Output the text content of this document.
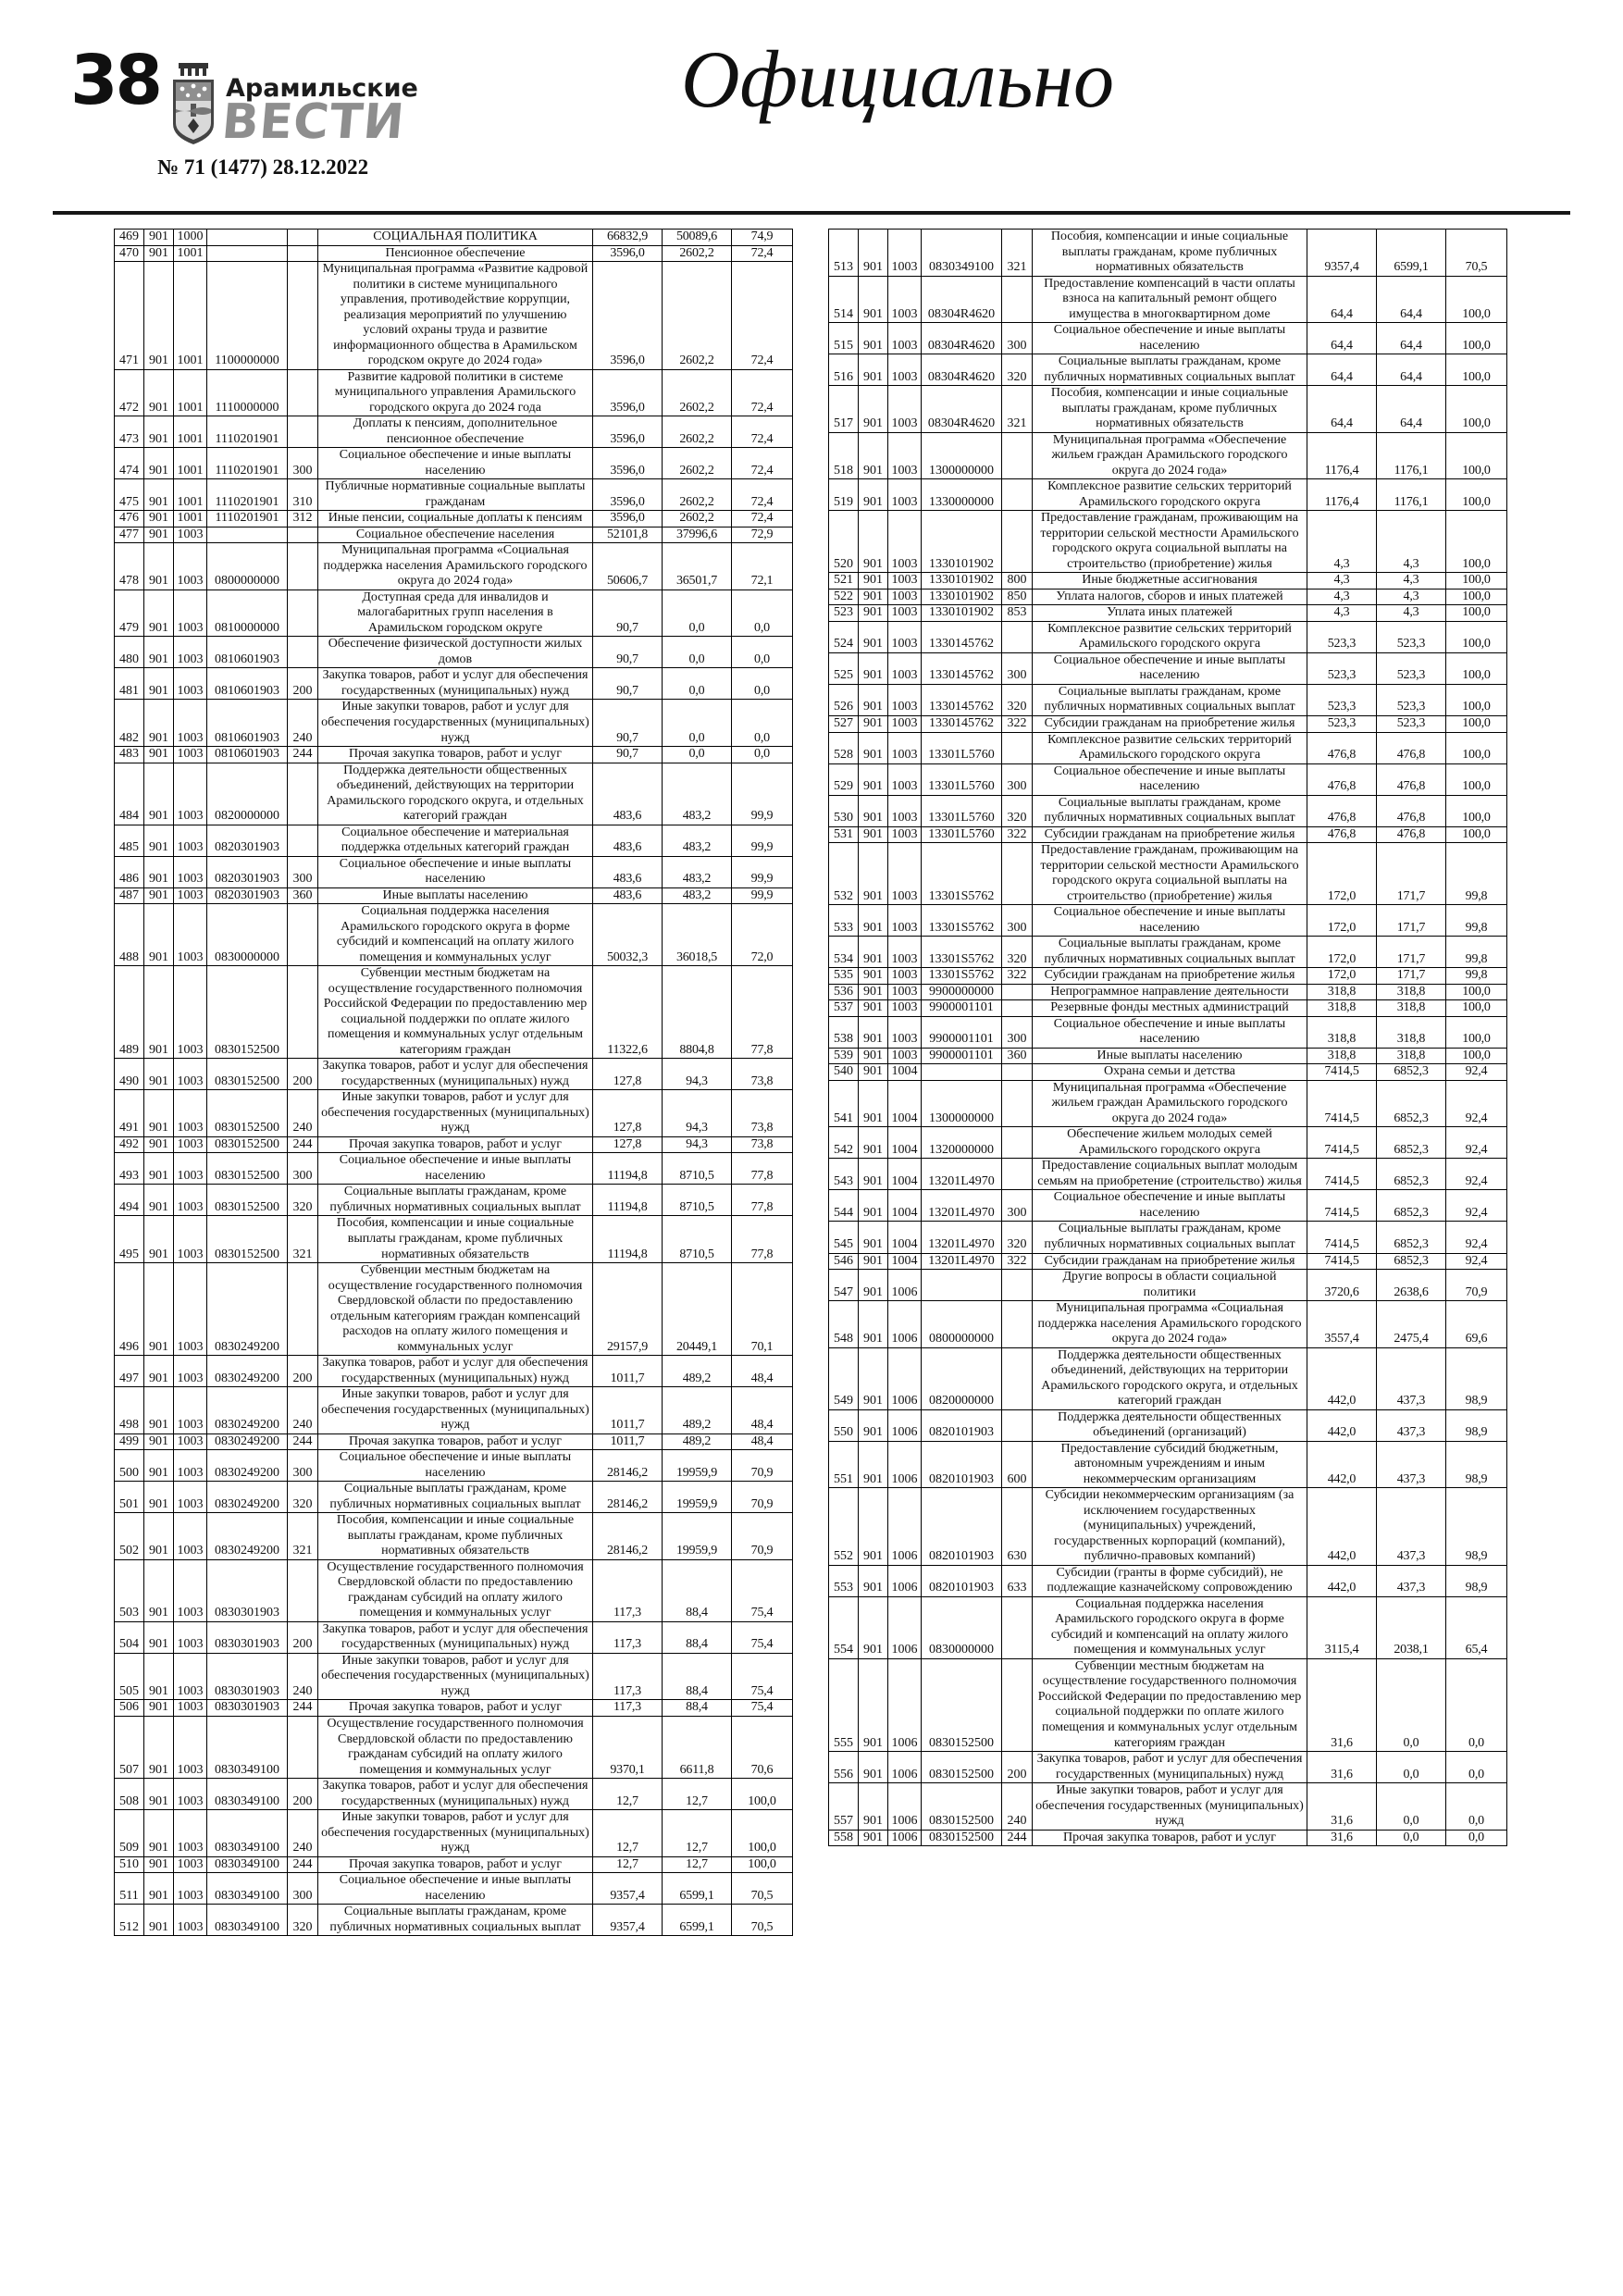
38	Арамильские
ВЕСТИ
№ 71 (1477) 28.12.2022
Официально
469	901	1000			СОЦИАЛЬНАЯ ПОЛИТИКА	66832,9	50089,6	74,9
470	901	1001			Пенсионное обеспечение	3596,0	2602,2	72,4
471	901	1001	1100000000		Муниципальная программа «Развитие кадровой политики в системе муниципального управления, противодействие коррупции, реализация мероприятий по улучшению условий охраны труда и развитие информационного общества в Арамильском городском округе до 2024 года»	3596,0	2602,2	72,4
472	901	1001	1110000000		Развитие кадровой политики в системе муниципального управления Арамильского городского округа до 2024 года	3596,0	2602,2	72,4
473	901	1001	1110201901		Доплаты к пенсиям, дополнительное пенсионное обеспечение	3596,0	2602,2	72,4
474	901	1001	1110201901	300	Социальное обеспечение и иные выплаты населению	3596,0	2602,2	72,4
475	901	1001	1110201901	310	Публичные нормативные социальные выплаты гражданам	3596,0	2602,2	72,4
476	901	1001	1110201901	312	Иные пенсии, социальные доплаты к пенсиям	3596,0	2602,2	72,4
477	901	1003			Социальное обеспечение населения	52101,8	37996,6	72,9
478	901	1003	0800000000		Муниципальная программа «Социальная поддержка населения Арамильского городского округа до 2024 года»	50606,7	36501,7	72,1
479	901	1003	0810000000		Доступная среда для инвалидов и малогабаритных групп населения в Арамильском городском округе	90,7	0,0	0,0
480	901	1003	0810601903		Обеспечение физической доступности жилых домов	90,7	0,0	0,0
481	901	1003	0810601903	200	Закупка товаров, работ и услуг для обеспечения государственных (муниципальных) нужд	90,7	0,0	0,0
482	901	1003	0810601903	240	Иные закупки товаров, работ и услуг для обеспечения государственных (муниципальных) нужд	90,7	0,0	0,0
483	901	1003	0810601903	244	Прочая закупка товаров, работ и услуг	90,7	0,0	0,0
484	901	1003	0820000000		Поддержка деятельности общественных объединений, действующих на территории Арамильского городского округа, и отдельных категорий граждан	483,6	483,2	99,9
485	901	1003	0820301903		Социальное обеспечение и материальная поддержка отдельных категорий граждан	483,6	483,2	99,9
486	901	1003	0820301903	300	Социальное обеспечение и иные выплаты населению	483,6	483,2	99,9
487	901	1003	0820301903	360	Иные выплаты населению	483,6	483,2	99,9
488	901	1003	0830000000		Социальная поддержка населения Арамильского городского округа в форме субсидий и компенсаций на оплату жилого помещения и коммунальных услуг	50032,3	36018,5	72,0
489	901	1003	0830152500		Субвенции местным бюджетам на осуществление государственного полномочия Российской Федерации по предоставлению мер социальной поддержки по оплате жилого помещения и коммунальных услуг отдельным категориям граждан	11322,6	8804,8	77,8
490	901	1003	0830152500	200	Закупка товаров, работ и услуг для обеспечения государственных (муниципальных) нужд	127,8	94,3	73,8
491	901	1003	0830152500	240	Иные закупки товаров, работ и услуг для обеспечения государственных (муниципальных) нужд	127,8	94,3	73,8
492	901	1003	0830152500	244	Прочая закупка товаров, работ и услуг	127,8	94,3	73,8
493	901	1003	0830152500	300	Социальное обеспечение и иные выплаты населению	11194,8	8710,5	77,8
494	901	1003	0830152500	320	Социальные выплаты гражданам, кроме публичных нормативных социальных выплат	11194,8	8710,5	77,8
495	901	1003	0830152500	321	Пособия, компенсации и иные социальные выплаты гражданам, кроме публичных нормативных обязательств	11194,8	8710,5	77,8
496	901	1003	0830249200		Субвенции местным бюджетам на осуществление государственного полномочия Свердловской области по предоставлению отдельным категориям граждан компенсаций расходов на оплату жилого помещения и коммунальных услуг	29157,9	20449,1	70,1
497	901	1003	0830249200	200	Закупка товаров, работ и услуг для обеспечения государственных (муниципальных) нужд	1011,7	489,2	48,4
498	901	1003	0830249200	240	Иные закупки товаров, работ и услуг для обеспечения государственных (муниципальных) нужд	1011,7	489,2	48,4
499	901	1003	0830249200	244	Прочая закупка товаров, работ и услуг	1011,7	489,2	48,4
500	901	1003	0830249200	300	Социальное обеспечение и иные выплаты населению	28146,2	19959,9	70,9
501	901	1003	0830249200	320	Социальные выплаты гражданам, кроме публичных нормативных социальных выплат	28146,2	19959,9	70,9
502	901	1003	0830249200	321	Пособия, компенсации и иные социальные выплаты гражданам, кроме публичных нормативных обязательств	28146,2	19959,9	70,9
503	901	1003	0830301903		Осуществление государственного полномочия Свердловской области по предоставлению гражданам субсидий на оплату жилого помещения и коммунальных услуг	117,3	88,4	75,4
504	901	1003	0830301903	200	Закупка товаров, работ и услуг для обеспечения государственных (муниципальных) нужд	117,3	88,4	75,4
505	901	1003	0830301903	240	Иные закупки товаров, работ и услуг для обеспечения государственных (муниципальных) нужд	117,3	88,4	75,4
506	901	1003	0830301903	244	Прочая закупка товаров, работ и услуг	117,3	88,4	75,4
507	901	1003	0830349100		Осуществление государственного полномочия Свердловской области по предоставлению гражданам субсидий на оплату жилого помещения и коммунальных услуг	9370,1	6611,8	70,6
508	901	1003	0830349100	200	Закупка товаров, работ и услуг для обеспечения государственных (муниципальных) нужд	12,7	12,7	100,0
509	901	1003	0830349100	240	Иные закупки товаров, работ и услуг для обеспечения государственных (муниципальных) нужд	12,7	12,7	100,0
510	901	1003	0830349100	244	Прочая закупка товаров, работ и услуг	12,7	12,7	100,0
511	901	1003	0830349100	300	Социальное обеспечение и иные выплаты населению	9357,4	6599,1	70,5
512	901	1003	0830349100	320	Социальные выплаты гражданам, кроме публичных нормативных социальных выплат	9357,4	6599,1	70,5
513	901	1003	0830349100	321	Пособия, компенсации и иные социальные выплаты гражданам, кроме публичных нормативных обязательств	9357,4	6599,1	70,5
514	901	1003	08304R4620		Предоставление компенсаций в части оплаты взноса на капитальный ремонт общего имущества в многоквартирном доме	64,4	64,4	100,0
515	901	1003	08304R4620	300	Социальное обеспечение и иные выплаты населению	64,4	64,4	100,0
516	901	1003	08304R4620	320	Социальные выплаты гражданам, кроме публичных нормативных социальных выплат	64,4	64,4	100,0
517	901	1003	08304R4620	321	Пособия, компенсации и иные социальные выплаты гражданам, кроме публичных нормативных обязательств	64,4	64,4	100,0
518	901	1003	1300000000		Муниципальная программа «Обеспечение жильем граждан Арамильского городского округа до 2024 года»	1176,4	1176,1	100,0
519	901	1003	1330000000		Комплексное развитие сельских территорий Арамильского городского округа	1176,4	1176,1	100,0
520	901	1003	1330101902		Предоставление гражданам, проживающим на территории сельской местности Арамильского городского округа социальной выплаты на строительство (приобретение) жилья	4,3	4,3	100,0
521	901	1003	1330101902	800	Иные бюджетные ассигнования	4,3	4,3	100,0
522	901	1003	1330101902	850	Уплата налогов, сборов и иных платежей	4,3	4,3	100,0
523	901	1003	1330101902	853	Уплата иных платежей	4,3	4,3	100,0
524	901	1003	1330145762		Комплексное развитие сельских территорий Арамильского городского округа	523,3	523,3	100,0
525	901	1003	1330145762	300	Социальное обеспечение и иные выплаты населению	523,3	523,3	100,0
526	901	1003	1330145762	320	Социальные выплаты гражданам, кроме публичных нормативных социальных выплат	523,3	523,3	100,0
527	901	1003	1330145762	322	Субсидии гражданам на приобретение жилья	523,3	523,3	100,0
528	901	1003	13301L5760		Комплексное развитие сельских территорий Арамильского городского округа	476,8	476,8	100,0
529	901	1003	13301L5760	300	Социальное обеспечение и иные выплаты населению	476,8	476,8	100,0
530	901	1003	13301L5760	320	Социальные выплаты гражданам, кроме публичных нормативных социальных выплат	476,8	476,8	100,0
531	901	1003	13301L5760	322	Субсидии гражданам на приобретение жилья	476,8	476,8	100,0
532	901	1003	13301S5762		Предоставление гражданам, проживающим на территории сельской местности Арамильского городского округа социальной выплаты на строительство (приобретение) жилья	172,0	171,7	99,8
533	901	1003	13301S5762	300	Социальное обеспечение и иные выплаты населению	172,0	171,7	99,8
534	901	1003	13301S5762	320	Социальные выплаты гражданам, кроме публичных нормативных социальных выплат	172,0	171,7	99,8
535	901	1003	13301S5762	322	Субсидии гражданам на приобретение жилья	172,0	171,7	99,8
536	901	1003	9900000000		Непрограммное направление деятельности	318,8	318,8	100,0
537	901	1003	9900001101		Резервные фонды местных администраций	318,8	318,8	100,0
538	901	1003	9900001101	300	Социальное обеспечение и иные выплаты населению	318,8	318,8	100,0
539	901	1003	9900001101	360	Иные выплаты населению	318,8	318,8	100,0
540	901	1004			Охрана семьи и детства	7414,5	6852,3	92,4
541	901	1004	1300000000		Муниципальная программа «Обеспечение жильем граждан Арамильского городского округа до 2024 года»	7414,5	6852,3	92,4
542	901	1004	1320000000		Обеспечение жильем молодых семей Арамильского городского округа	7414,5	6852,3	92,4
543	901	1004	13201L4970		Предоставление социальных выплат молодым семьям на приобретение (строительство) жилья	7414,5	6852,3	92,4
544	901	1004	13201L4970	300	Социальное обеспечение и иные выплаты населению	7414,5	6852,3	92,4
545	901	1004	13201L4970	320	Социальные выплаты гражданам, кроме публичных нормативных социальных выплат	7414,5	6852,3	92,4
546	901	1004	13201L4970	322	Субсидии гражданам на приобретение жилья	7414,5	6852,3	92,4
547	901	1006			Другие вопросы в области социальной политики	3720,6	2638,6	70,9
548	901	1006	0800000000		Муниципальная программа «Социальная поддержка населения Арамильского городского округа до 2024 года»	3557,4	2475,4	69,6
549	901	1006	0820000000		Поддержка деятельности общественных объединений, действующих на территории Арамильского городского округа, и отдельных категорий граждан	442,0	437,3	98,9
550	901	1006	0820101903		Поддержка деятельности общественных объединений (организаций)	442,0	437,3	98,9
551	901	1006	0820101903	600	Предоставление субсидий бюджетным, автономным учреждениям и иным некоммерческим организациям	442,0	437,3	98,9
552	901	1006	0820101903	630	Субсидии некоммерческим организациям (за исключением государственных (муниципальных) учреждений, государственных корпораций (компаний), публично-правовых компаний)	442,0	437,3	98,9
553	901	1006	0820101903	633	Субсидии (гранты в форме субсидий), не подлежащие казначейскому сопровождению	442,0	437,3	98,9
554	901	1006	0830000000		Социальная поддержка населения Арамильского городского округа в форме субсидий и компенсаций на оплату жилого помещения и коммунальных услуг	3115,4	2038,1	65,4
555	901	1006	0830152500		Субвенции местным бюджетам на осуществление государственного полномочия Российской Федерации по предоставлению мер социальной поддержки по оплате жилого помещения и коммунальных услуг отдельным категориям граждан	31,6	0,0	0,0
556	901	1006	0830152500	200	Закупка товаров, работ и услуг для обеспечения государственных (муниципальных) нужд	31,6	0,0	0,0
557	901	1006	0830152500	240	Иные закупки товаров, работ и услуг для обеспечения государственных (муниципальных) нужд	31,6	0,0	0,0
558	901	1006	0830152500	244	Прочая закупка товаров, работ и услуг	31,6	0,0	0,0
